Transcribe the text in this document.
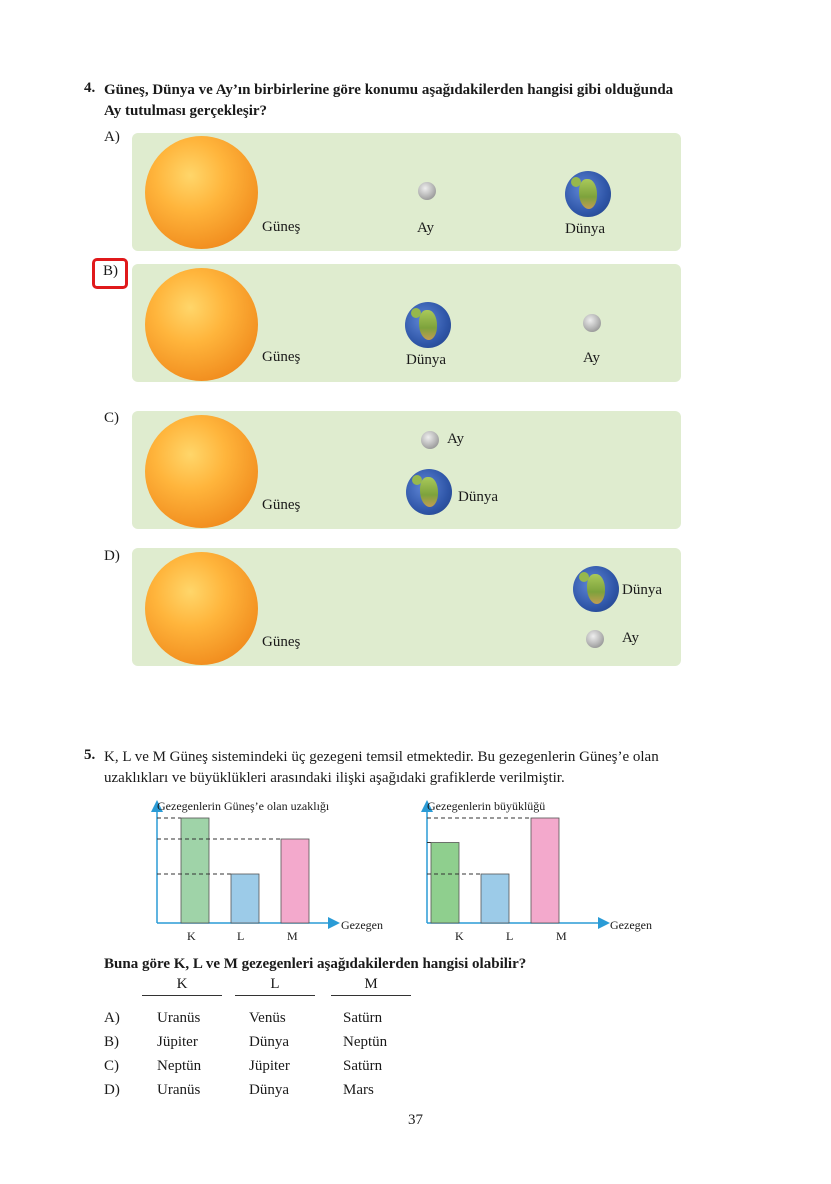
4. Güneş, Dünya ve Ay’ın birbirlerine göre konumu aşağıdakilerden hangisi gibi olduğunda
Ay tutulması gerçekleşir?
A)
Güneş	Ay	Dünya
B)
Güneş	Dünya	Ay
C)
Güneş
Ay
Dünya
D)
Güneş
Dünya
Ay
5. K, L ve M Güneş sistemindeki üç gezegeni temsil etmektedir. Bu gezegenlerin Güneş’e olan
uzaklıkları ve büyüklükleri arasındaki ilişki aşağıdaki grafiklerde verilmiştir.
Gezegenlerin Güneş’e olan uzaklığı
Gezegen
K	L	M
Gezegenlerin büyüklüğü
Gezegen
K	L	M
Buna göre K, L ve M gezegenleri aşağıdakilerden hangisi olabilir?
K	L	M
A) Uranüs	Venüs	Satürn
B)	Jüpiter	Dünya	Neptün
C)	Neptün	Jüpiter	Satürn
D) Uranüs	Dünya	Mars
37
